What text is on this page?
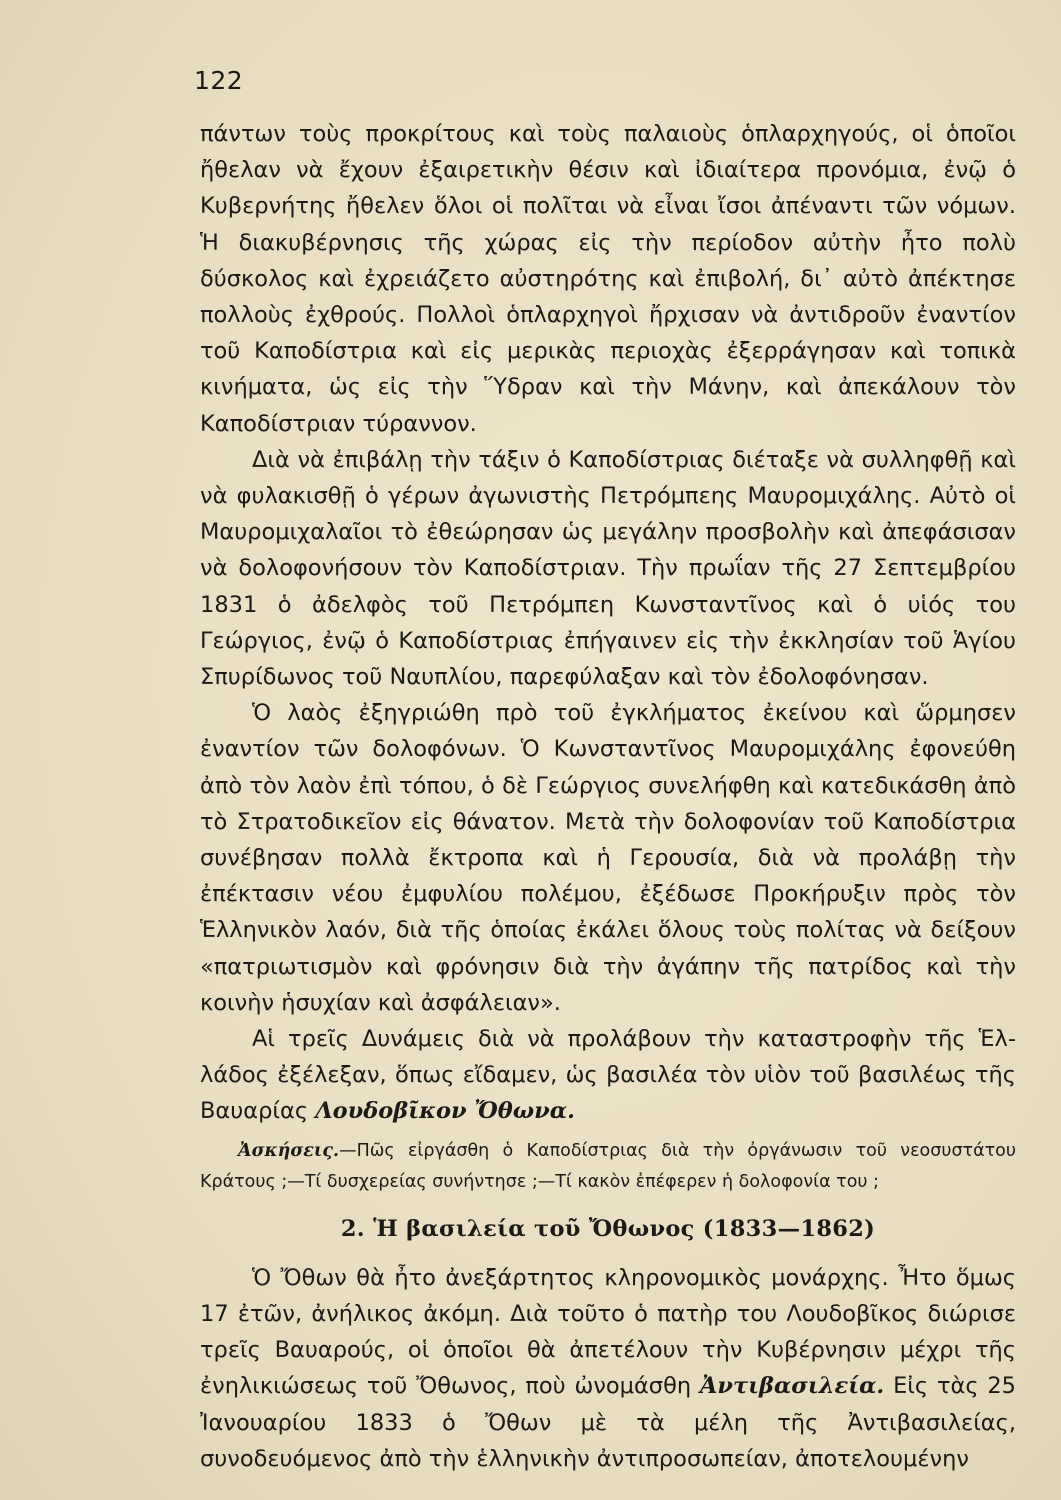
122

πάντων τοὺς προκρίτους καὶ τοὺς παλαιοὺς ὁπλαρχηγούς, οἱ ὁποῖοι ἤθελαν νὰ ἔχουν ἐξαιρετικὴν θέσιν καὶ ἰδιαίτερα προνόμια, ἐνῷ ὁ Κυβερνήτης ἤθελεν ὅλοι οἱ πολῖται νὰ εἶναι ἴσοι ἀπέναντι τῶν νόμων. Ἡ διακυβέρνησις τῆς χώρας εἰς τὴν περίοδον αὐτὴν ἦτο πολὺ δύσκολος καὶ ἐχρειάζετο αὐστηρότης καὶ ἐπιβολή, δι᾽ αὐτὸ ἀπέκτησε πολλοὺς ἐχθρούς. Πολλοὶ ὁπλαρχηγοὶ ἤρχισαν νὰ ἀντιδροῦν ἐναντίον τοῦ Καποδίστρια καὶ εἰς μερικὰς περιοχὰς ἐξερράγησαν καὶ τοπικὰ κινήματα, ὡς εἰς τὴν Ὕδραν καὶ τὴν Μάνην, καὶ ἀπεκάλουν τὸν Καποδίστριαν τύραννον.

Διὰ νὰ ἐπιβάλῃ τὴν τάξιν ὁ Καποδίστριας διέταξε νὰ συλληφθῇ καὶ νὰ φυλακισθῇ ὁ γέρων ἀγωνιστὴς Πετρόμπεης Μαυρομιχάλης. Αὐτὸ οἱ Μαυρομιχαλαῖοι τὸ ἐθεώρησαν ὡς μεγάλην προσβολὴν καὶ ἀπεφάσισαν νὰ δολοφονήσουν τὸν Καποδίστριαν. Τὴν πρωΐαν τῆς 27 Σεπτεμβρίου 1831 ὁ ἀδελφὸς τοῦ Πετρόμπεη Κωνσταντῖνος καὶ ὁ υἱός του Γεώργιος, ἐνῷ ὁ Καποδίστριας ἐπήγαινεν εἰς τὴν ἐκκλησίαν τοῦ Ἁγίου Σπυρίδωνος τοῦ Ναυπλίου, παρεφύλαξαν καὶ τὸν ἐδολοφόνησαν.

Ὁ λαὸς ἐξηγριώθη πρὸ τοῦ ἐγκλήματος ἐκείνου καὶ ὥρμησεν ἐναντίον τῶν δολοφόνων. Ὁ Κωνσταντῖνος Μαυρομιχάλης ἐφονεύθη ἀπὸ τὸν λαὸν ἐπὶ τόπου, ὁ δὲ Γεώργιος συνελήφθη καὶ κατεδικάσθη ἀπὸ τὸ Στρατοδικεῖον εἰς θάνατον. Μετὰ τὴν δολοφονίαν τοῦ Καποδίστρια συνέβησαν πολλὰ ἔκτροπα καὶ ἡ Γερουσία, διὰ νὰ προλάβῃ τὴν ἐπέκτασιν νέου ἐμφυλίου πολέμου, ἐξέδωσε Προκήρυξιν πρὸς τὸν Ἑλληνικὸν λαόν, διὰ τῆς ὁποίας ἐκάλει ὅλους τοὺς πολίτας νὰ δείξουν «πατριωτισμὸν καὶ φρόνησιν διὰ τὴν ἀγάπην τῆς πατρίδος καὶ τὴν κοινὴν ἡσυχίαν καὶ ἀσφάλειαν».

Αἱ τρεῖς Δυνάμεις διὰ νὰ προλάβουν τὴν καταστροφὴν τῆς Ἑλλάδος ἐξέλεξαν, ὅπως εἴδαμεν, ὡς βασιλέα τὸν υἱὸν τοῦ βασιλέως τῆς Βαυαρίας Λουδοβῖκον Ὄθωνα.

Ἀσκήσεις.—Πῶς εἰργάσθη ὁ Καποδίστριας διὰ τὴν ὀργάνωσιν τοῦ νεοσυστάτου Κράτους ;—Τί δυσχερείας συνήντησε ;—Τί κακὸν ἐπέφερεν ἡ δολοφονία του ;

2. Ἡ βασιλεία τοῦ Ὄθωνος (1833—1862)

Ὁ Ὄθων θὰ ἦτο ἀνεξάρτητος κληρονομικὸς μονάρχης. Ἦτο ὅμως 17 ἐτῶν, ἀνήλικος ἀκόμη. Διὰ τοῦτο ὁ πατὴρ του Λουδοβῖκος διώρισε τρεῖς Βαυαρούς, οἱ ὁποῖοι θὰ ἀπετέλουν τὴν Κυβέρνησιν μέχρι τῆς ἐνηλικιώσεως τοῦ Ὄθωνος, ποὺ ὠνομάσθη Ἀντιβασιλεία. Εἰς τὰς 25 Ἰανουαρίου 1833 ὁ Ὄθων μὲ τὰ μέλη τῆς Ἀντιβασιλείας, συνοδευόμενος ἀπὸ τὴν ἑλληνικὴν ἀντιπροσωπείαν, ἀποτελουμένην
